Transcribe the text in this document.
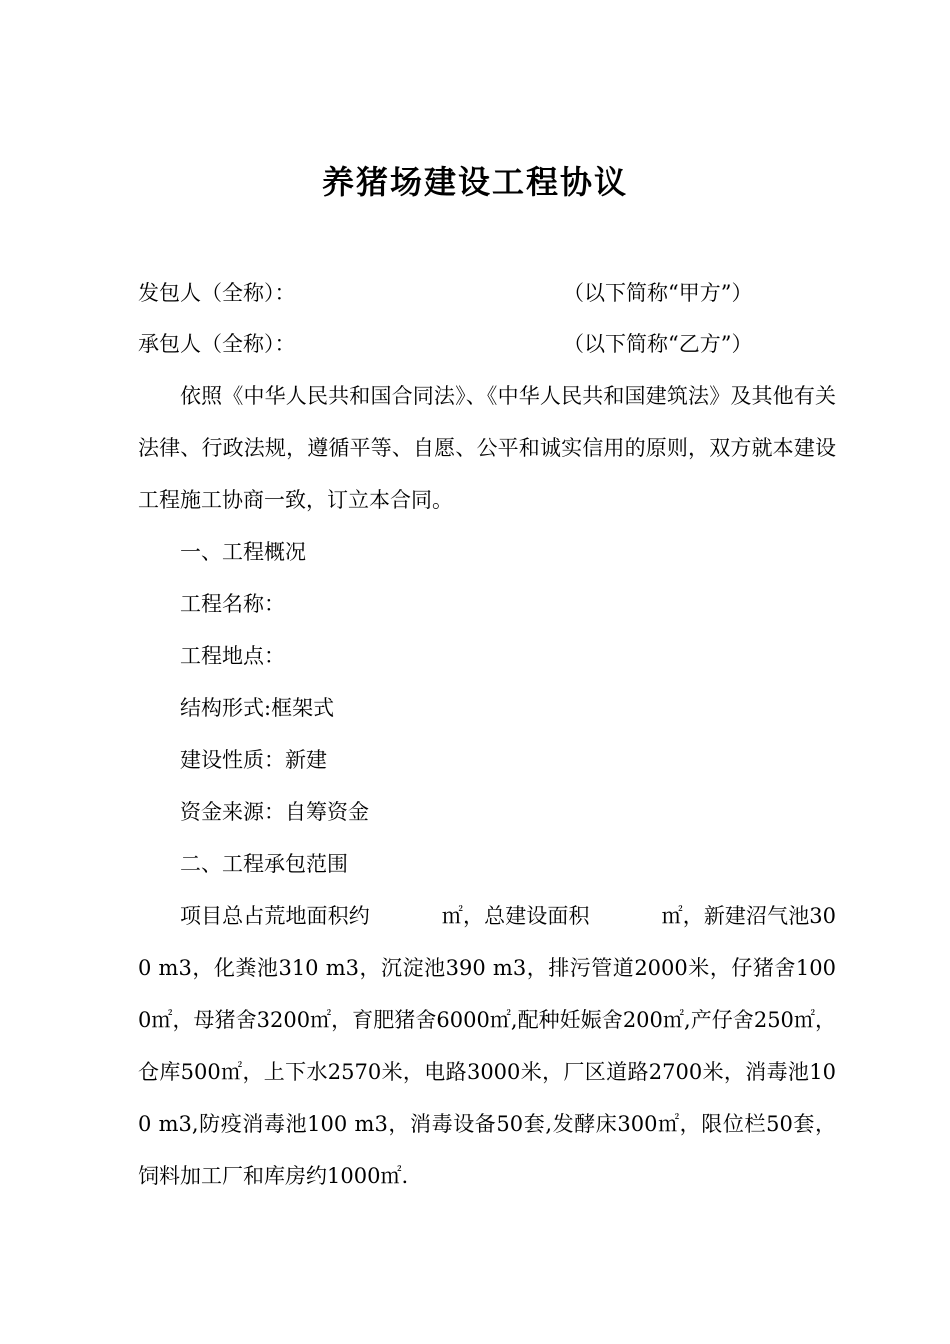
养猪场建设工程协议
发包人（全称）：	（以下简称“甲方”）
承包人（全称）：	（以下简称“乙方”）

依照《中华人民共和国合同法》、《中华人民共和国建筑法》及其他有关法律、行政法规，遵循平等、自愿、公平和诚实信用的原则，双方就本建设工程施工协商一致，订立本合同。

一、工程概况

工程名称：

工程地点：

结构形式:框架式

建设性质：新建

资金来源：自筹资金

二、工程承包范围

项目总占荒地面积约	㎡，总建设面积	㎡，新建沼气池300 m3，化粪池310 m3，沉淀池390 m3，排污管道2000米，仔猪舍1000㎡，母猪舍3200㎡，育肥猪舍6000㎡,配种妊娠舍200㎡,产仔舍250㎡，仓库500㎡，上下水2570米，电路3000米，厂区道路2700米，消毒池100 m3,防疫消毒池100 m3，消毒设备50套,发酵床300㎡，限位栏50套，饲料加工厂和库房约1000㎡.
